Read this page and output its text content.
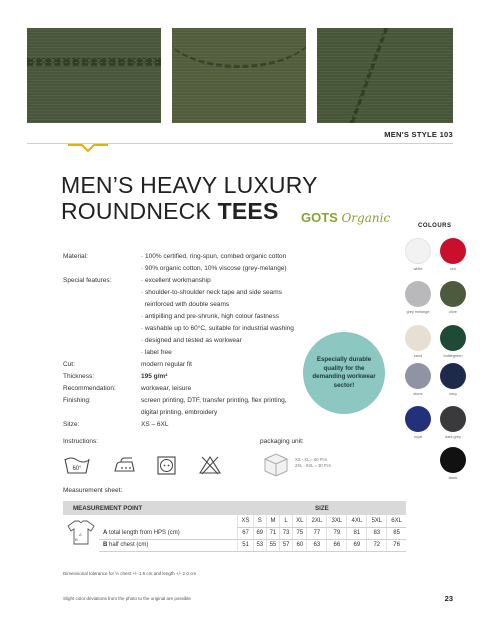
MEN'S STYLE 103
MEN’S HEAVY LUXURY
ROUNDNECK TEES	GOTS Organic
COLOURS
white	red
grey melange	olive
sand	bottlegreen
stone	navy
royal	dark grey
black
Material:	· 100% certified, ring-spun, combed organic cotton
· 90% organic cotton, 10% viscose (grey-melange)
Special features:	· excellent workmanship
· shoulder-to-shoulder neck tape and side seams
reinforced with double seams
· antipilling and pre-shrunk, high colour fastness
· washable up to 60°C, suitable for industrial washing
· designed and tested as workwear
· label free
Cut:	modern regular fit
Thickness:	195 g/m²
Recommendation:	workwear, leisure
Finishing:	screen printing, DTF, transfer printing, flex printing,
digital printing, embroidery
Sitze:	XS – 6XL
Especially durable quality for the demanding workwear sector!
Instructions:
60°
packaging unit:
XS - XL = 60 Pcs
2XL - 6XL = 30 Pcs
Measurement sheet:
MEASUREMENT POINT		SIZE									

A
B		XS	S	M	L	XL	2XL	3XL	4XL	5XL	6XL
	A total length from HPS (cm)	67	69	71	73	75	77	79	81	83	85
	B half chest (cm)	51	53	55	57	60	63	66	69	72	76
Dimensional tolerance for ½ chest +/- 1.5 cm and length +/- 2.0 cm
Slight color deviations from the photo to the original are possible	23
